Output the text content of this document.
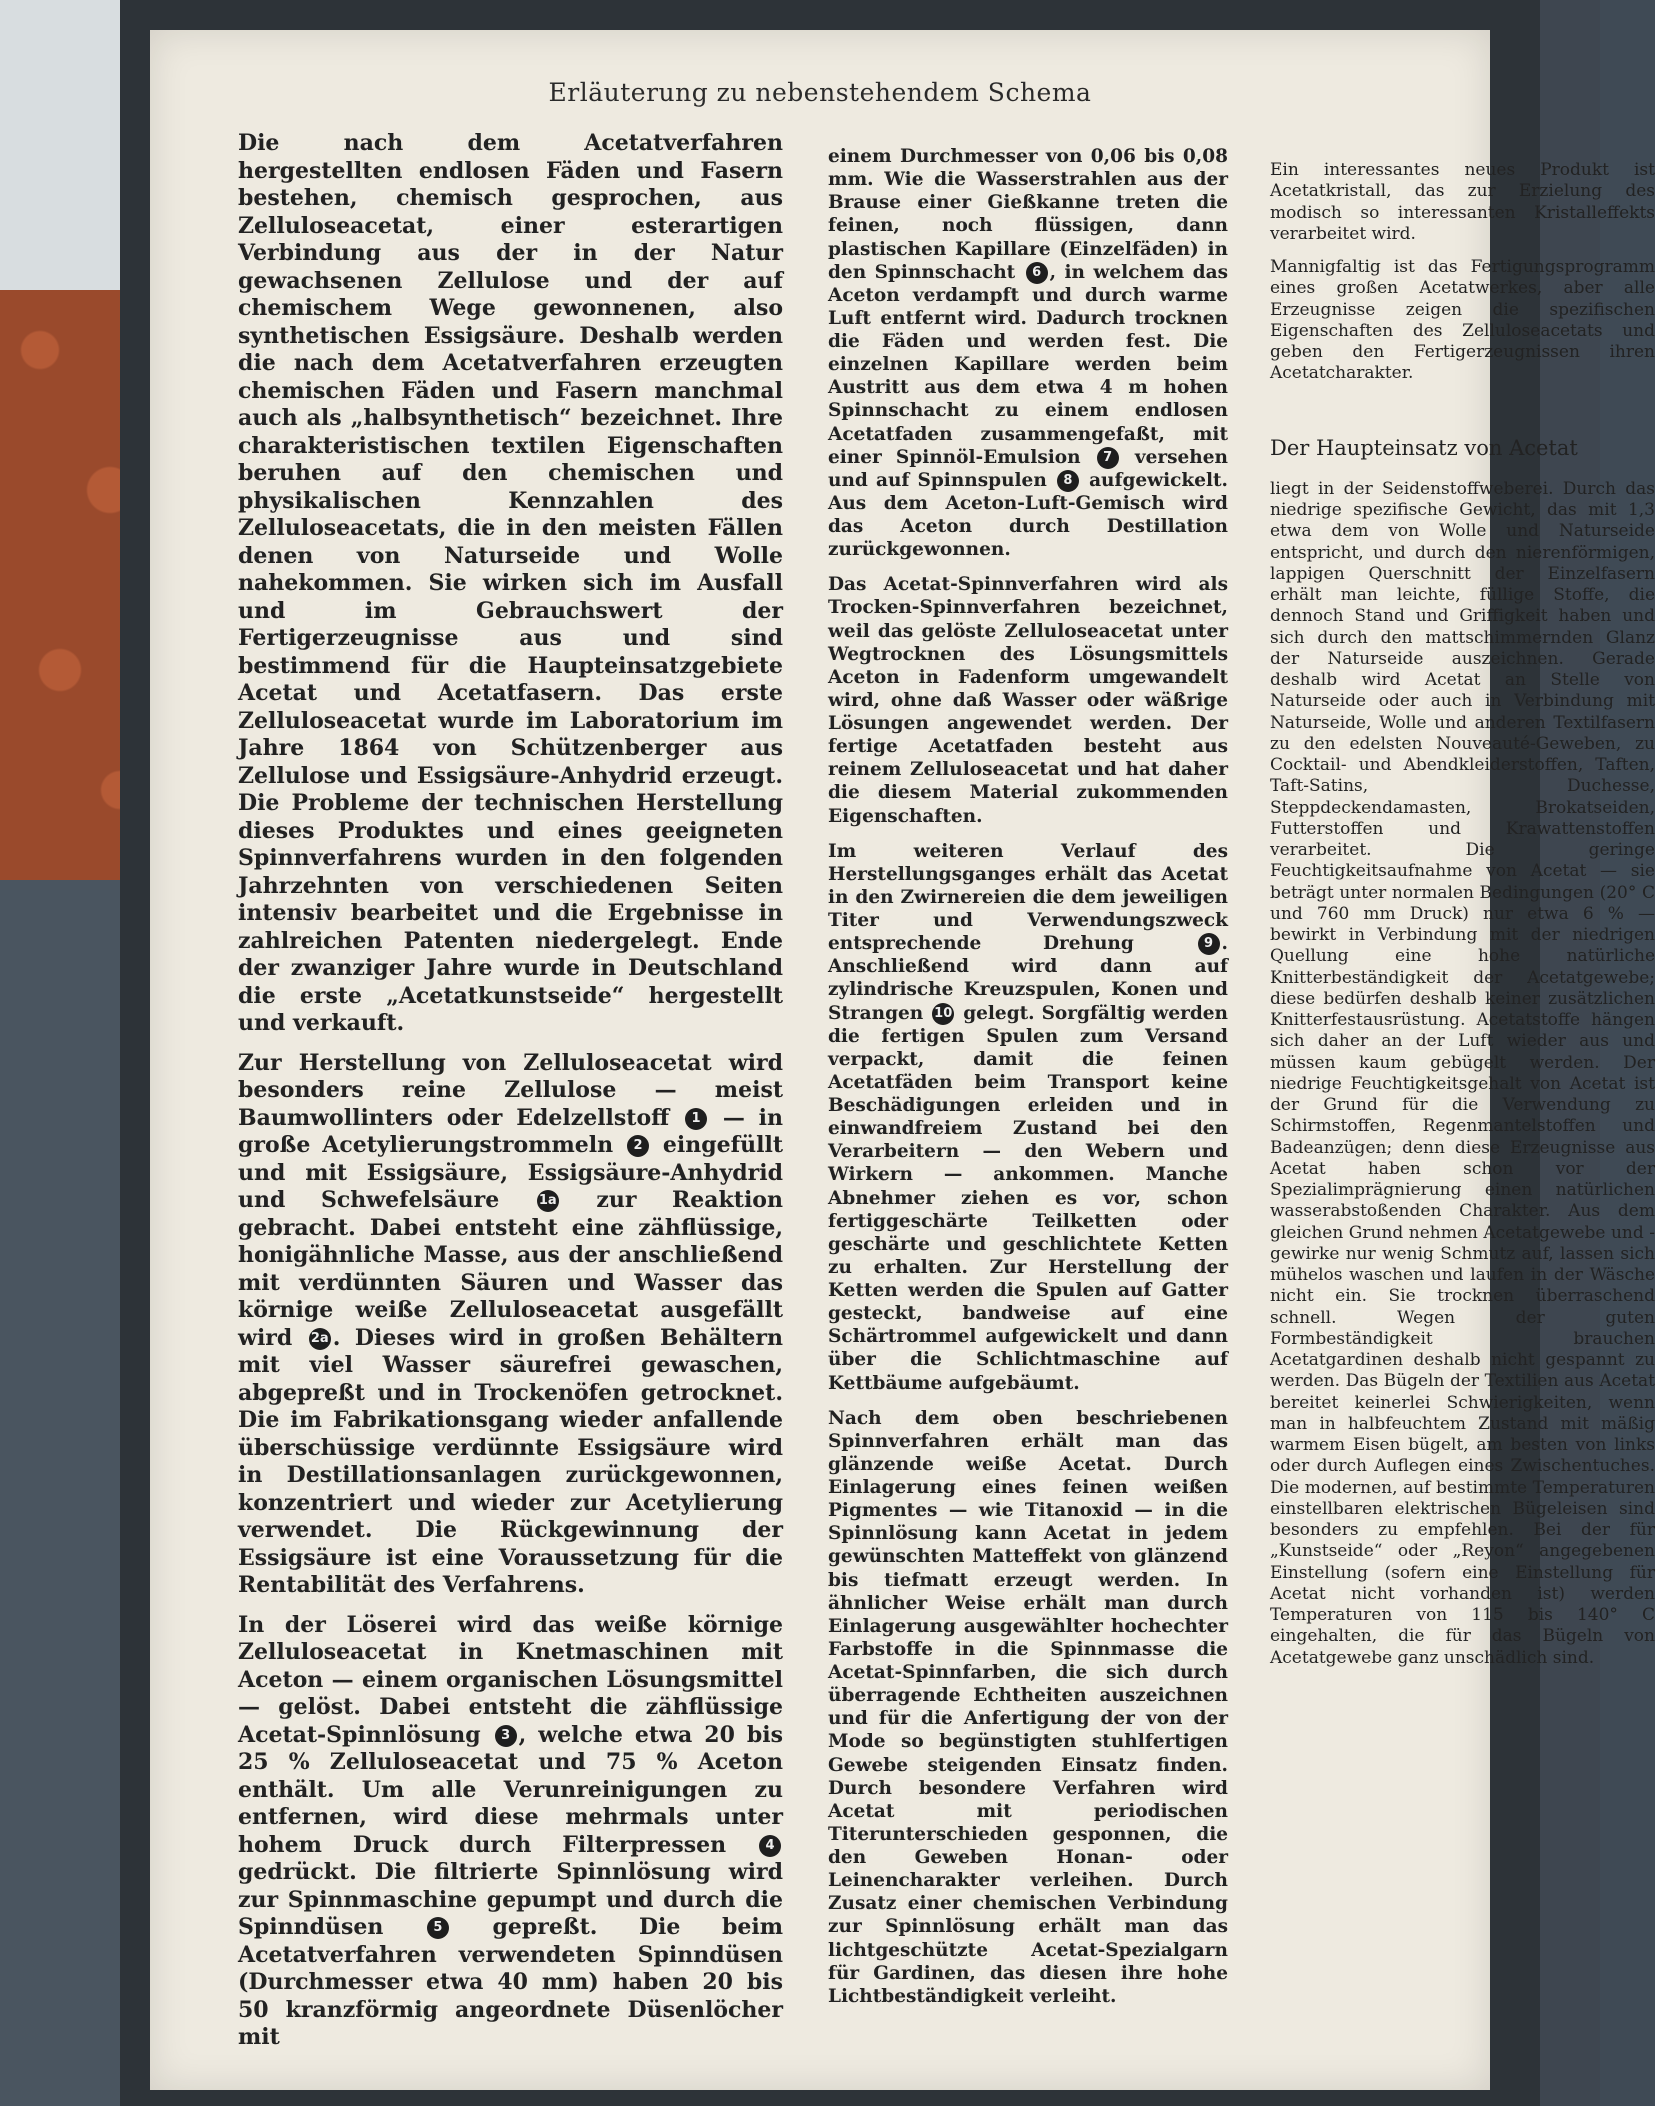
Erläuterung zu nebenstehendem Schema

Die nach dem Acetatverfahren hergestellten endlosen Fäden und Fasern bestehen, chemisch gesprochen, aus Zelluloseacetat, einer esterartigen Verbindung aus der in der Natur gewachsenen Zellulose und der auf chemischem Wege gewonnenen, also synthetischen Essigsäure. Deshalb werden die nach dem Acetatverfahren erzeugten chemischen Fäden und Fasern manchmal auch als „halbsynthetisch“ bezeichnet. Ihre charakteristischen textilen Eigenschaften beruhen auf den chemischen und physikalischen Kennzahlen des Zelluloseacetats, die in den meisten Fällen denen von Naturseide und Wolle nahekommen. Sie wirken sich im Ausfall und im Gebrauchswert der Fertigerzeugnisse aus und sind bestimmend für die Haupteinsatzgebiete Acetat und Acetatfasern. Das erste Zelluloseacetat wurde im Laboratorium im Jahre 1864 von Schützenberger aus Zellulose und Essigsäure-Anhydrid erzeugt. Die Probleme der technischen Herstellung dieses Produktes und eines geeigneten Spinnverfahrens wurden in den folgenden Jahrzehnten von verschiedenen Seiten intensiv bearbeitet und die Ergebnisse in zahlreichen Patenten niedergelegt. Ende der zwanziger Jahre wurde in Deutschland die erste „Acetatkunstseide“ hergestellt und verkauft.

Zur Herstellung von Zelluloseacetat wird besonders reine Zellulose — meist Baumwollinters oder Edelzellstoff 1 — in große Acetylierungstrommeln 2 eingefüllt und mit Essigsäure, Essigsäure-Anhydrid und Schwefelsäure	1a zur Reaktion gebracht. Dabei entsteht eine zähflüssige, honigähnliche Masse, aus der anschließend mit verdünnten Säuren und Wasser das körnige weiße Zelluloseacetat ausgefällt wird 2a . Dieses wird in großen Behältern mit viel Wasser säurefrei gewaschen, abgepreßt und in Trockenöfen getrocknet. Die im Fabrikationsgang wieder anfallende überschüssige verdünnte Essigsäure wird in Destillationsanlagen zurückgewonnen, konzentriert und wieder zur Acetylierung verwendet. Die Rückgewinnung der Essigsäure ist eine Voraussetzung für die Rentabilität des Verfahrens.

In der Löserei wird das weiße körnige Zelluloseacetat in Knetmaschinen mit Aceton — einem organischen Lösungsmittel — gelöst. Dabei entsteht die zähflüssige Acetat-Spinnlösung 3 , welche etwa 20 bis 25 % Zelluloseacetat und 75 % Aceton enthält. Um alle Verunreinigungen zu entfernen, wird diese mehrmals unter hohem Druck durch Filterpressen	4 gedrückt. Die filtrierte Spinnlösung wird zur Spinnmaschine gepumpt und durch die Spinndüsen	5 gepreßt. Die beim Acetatverfahren verwendeten Spinndüsen (Durchmesser etwa 40 mm) haben 20 bis 50 kranzförmig angeordnete Düsenlöcher mit

einem Durchmesser von 0,06 bis 0,08 mm. Wie die Wasserstrahlen aus der Brause einer Gießkanne treten die feinen, noch flüssigen, dann plastischen Kapillare (Einzelfäden) in den Spinnschacht 6 , in welchem das Aceton verdampft und durch warme Luft entfernt wird. Dadurch trocknen die Fäden und werden fest. Die einzelnen Kapillare werden beim Austritt aus dem etwa 4 m hohen Spinnschacht zu einem endlosen Acetatfaden zusammengefaßt, mit einer Spinnöl-Emulsion 7 versehen und auf Spinnspulen 8 aufgewickelt. Aus dem Aceton-Luft-Gemisch wird das Aceton durch Destillation zurückgewonnen.

Das Acetat-Spinnverfahren wird als Trocken-Spinnverfahren bezeichnet, weil das gelöste Zelluloseacetat unter Wegtrocknen des Lösungsmittels Aceton in Fadenform umgewandelt wird, ohne daß Wasser oder wäßrige Lösungen angewendet werden. Der fertige Acetatfaden besteht aus reinem Zelluloseacetat und hat daher die diesem Material zukommenden Eigenschaften.

Im weiteren Verlauf des Herstellungsganges erhält das Acetat in den Zwirnereien die dem jeweiligen Titer und Verwendungszweck entsprechende Drehung	9 . Anschließend wird dann auf zylindrische Kreuzspulen, Konen und Strangen 10 gelegt. Sorgfältig werden die fertigen Spulen zum Versand verpackt, damit die feinen Acetatfäden beim Transport keine Beschädigungen erleiden und in einwandfreiem Zustand bei den Verarbeitern — den Webern und Wirkern — ankommen. Manche Abnehmer ziehen es vor, schon fertiggeschärte Teilketten oder geschärte und geschlichtete Ketten zu erhalten. Zur Herstellung der Ketten werden die Spulen auf Gatter gesteckt, bandweise auf eine Schärtrommel aufgewickelt und dann über die Schlichtmaschine auf Kettbäume aufgebäumt.

Nach dem oben beschriebenen Spinnverfahren erhält man das glänzende weiße Acetat. Durch Einlagerung eines feinen weißen Pigmentes — wie Titanoxid — in die Spinnlösung kann Acetat in jedem gewünschten Matteffekt von glänzend bis tiefmatt erzeugt werden. In ähnlicher Weise erhält man durch Einlagerung ausgewählter hochechter Farbstoffe in die Spinnmasse die Acetat-Spinnfarben, die sich durch überragende Echtheiten auszeichnen und für die Anfertigung der von der Mode so begünstigten stuhlfertigen Gewebe steigenden Einsatz finden. Durch besondere Verfahren wird Acetat mit periodischen Titerunterschieden gesponnen, die den Geweben Honan- oder Leinencharakter verleihen. Durch Zusatz einer chemischen Verbindung zur Spinnlösung erhält man das lichtgeschützte Acetat-Spezialgarn für Gardinen, das diesen ihre hohe Lichtbeständigkeit verleiht.

Ein interessantes neues Produkt ist Acetatkristall, das zur Erzielung des modisch so interessanten Kristalleffekts verarbeitet wird.

Mannigfaltig ist das Fertigungsprogramm eines großen Acetatwerkes, aber alle Erzeugnisse zeigen die spezifischen Eigenschaften des Zelluloseacetats und geben den Fertigerzeugnissen ihren Acetatcharakter.

Der Haupteinsatz von Acetat

liegt in der Seidenstoffweberei. Durch das niedrige spezifische Gewicht, das mit 1,3 etwa dem von Wolle und Naturseide entspricht, und durch den nierenförmigen, lappigen Querschnitt der Einzelfasern erhält man leichte, füllige Stoffe, die dennoch Stand und Griffigkeit haben und sich durch den mattschimmernden Glanz der Naturseide auszeichnen. Gerade deshalb wird Acetat an Stelle von Naturseide oder auch in Verbindung mit Naturseide, Wolle und anderen Textilfasern zu den edelsten Nouveauté-Geweben, zu Cocktail- und Abendkleiderstoffen, Taften, Taft-Satins, Duchesse, Steppdeckendamasten, Brokatseiden, Futterstoffen und Krawattenstoffen verarbeitet. Die geringe Feuchtigkeitsaufnahme von Acetat — sie beträgt unter normalen Bedingungen (20° C und 760 mm Druck) nur etwa 6 % — bewirkt in Verbindung mit der niedrigen Quellung eine hohe natürliche Knitterbeständigkeit der Acetatgewebe; diese bedürfen deshalb keiner zusätzlichen Knitterfestausrüstung. Acetatstoffe hängen sich daher an der Luft wieder aus und müssen kaum gebügelt werden. Der niedrige Feuchtigkeitsgehalt von Acetat ist der Grund für die Verwendung zu Schirmstoffen, Regenmantelstoffen und Badeanzügen; denn diese Erzeugnisse aus Acetat haben schon vor der Spezialimprägnierung einen natürlichen wasserabstoßenden Charakter. Aus dem gleichen Grund nehmen Acetatgewebe und -gewirke nur wenig Schmutz auf, lassen sich mühelos waschen und laufen in der Wäsche nicht ein. Sie trocknen überraschend schnell. Wegen der guten Formbeständigkeit brauchen Acetatgardinen deshalb nicht gespannt zu werden. Das Bügeln der Textilien aus Acetat bereitet keinerlei Schwierigkeiten, wenn man in halbfeuchtem Zustand mit mäßig warmem Eisen bügelt, am besten von links oder durch Auflegen eines Zwischentuches. Die modernen, auf bestimmte Temperaturen einstellbaren elektrischen Bügeleisen sind besonders zu empfehlen. Bei der für „Kunstseide“ oder „Reyon“ angegebenen Einstellung (sofern eine Einstellung für Acetat nicht vorhanden ist) werden Temperaturen von 115 bis 140° C eingehalten, die für das Bügeln von Acetatgewebe ganz unschädlich sind.
